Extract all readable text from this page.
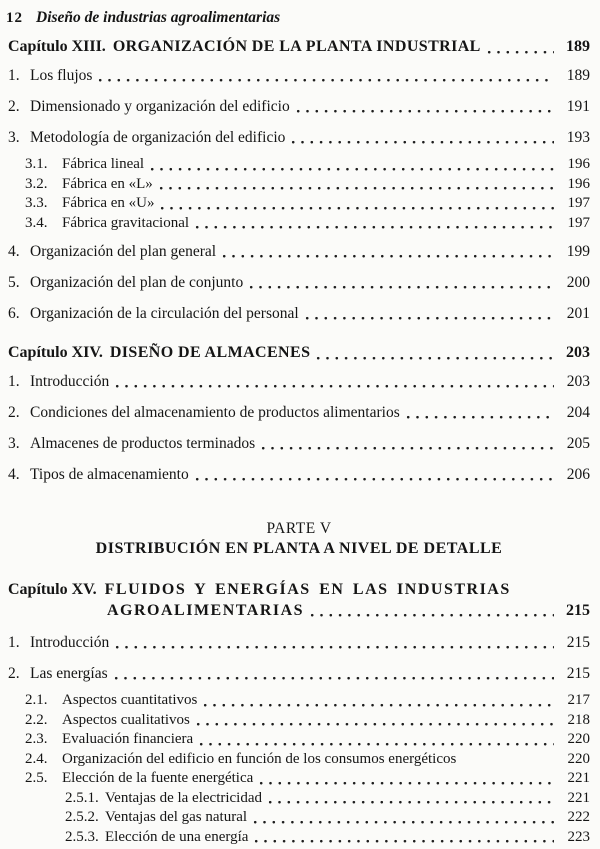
12 Diseño de industrias agroalimentarias
Capítulo XIII. ORGANIZACIÓN DE LA PLANTA INDUSTRIAL	189
1. Los flujos	189
2. Dimensionado y organización del edificio	191
3. Metodología de organización del edificio	193
3.1. Fábrica lineal	196
3.2. Fábrica en «L»	196
3.3. Fábrica en «U»	197
3.4. Fábrica gravitacional	197
4. Organización del plan general	199
5. Organización del plan de conjunto	200
6. Organización de la circulación del personal	201
Capítulo XIV. DISEÑO DE ALMACENES	203
1. Introducción	203
2. Condiciones del almacenamiento de productos alimentarios	204
3. Almacenes de productos terminados	205
4. Tipos de almacenamiento	206
PARTE V
DISTRIBUCIÓN EN PLANTA A NIVEL DE DETALLE
Capítulo XV. FLUIDOS Y ENERGÍAS EN LAS INDUSTRIAS
AGROALIMENTARIAS	215
1. Introducción	215
2. Las energías	215
2.1. Aspectos cuantitativos	217
2.2. Aspectos cualitativos	218
2.3. Evaluación financiera	220
2.4. Organización del edificio en función de los consumos energéticos	220
2.5. Elección de la fuente energética	221
2.5.1. Ventajas de la electricidad	221
2.5.2. Ventajas del gas natural	222
2.5.3. Elección de una energía	223
